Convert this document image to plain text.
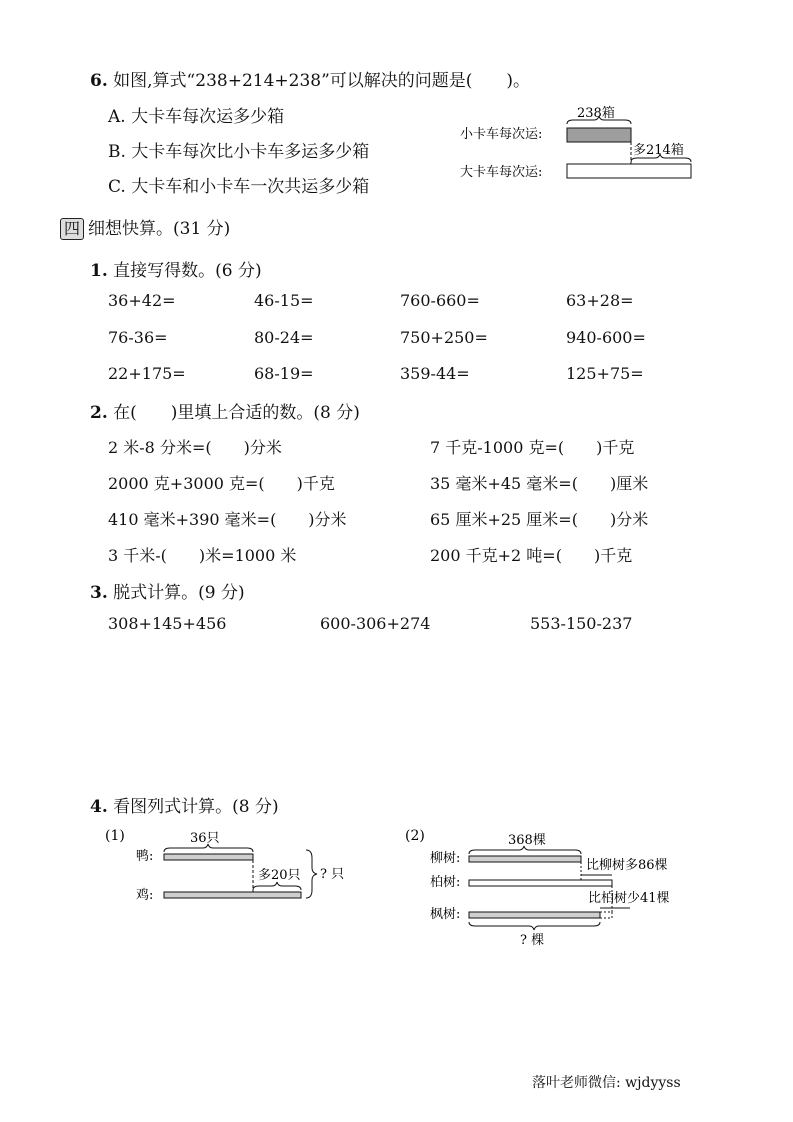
6. 如图,算式“238+214+238”可以解决的问题是(　　)。
A. 大卡车每次运多少箱
B. 大卡车每次比小卡车多运多少箱
C. 大卡车和小卡车一次共运多少箱
小卡车每次运:
大卡车每次运:
238箱
多214箱
四 细想快算。(31 分)
1. 直接写得数。(6 分)
36+42=	46-15=	760-660=	63+28=
76-36=	80-24=	750+250=	940-600=
22+175=	68-19=	359-44=	125+75=
2. 在(　　)里填上合适的数。(8 分)
2 米-8 分米=(　　)分米	7 千克-1000 克=(　　)千克
2000 克+3000 克=(　　)千克	35 毫米+45 毫米=(　　)厘米
410 毫米+390 毫米=(　　)分米	65 厘米+25 厘米=(　　)分米
3 千米-(　　)米=1000 米	200 千克+2 吨=(　　)千克
3. 脱式计算。(9 分)
308+145+456	600-306+274	553-150-237
4. 看图列式计算。(8 分)
(1)
鸭:
鸡:
36只
多20只 ? 只
(2)
柳树:
柏树:
枫树:
368棵
比柳树多86棵
比柏树少41棵
? 棵
落叶老师微信: wjdyyss
